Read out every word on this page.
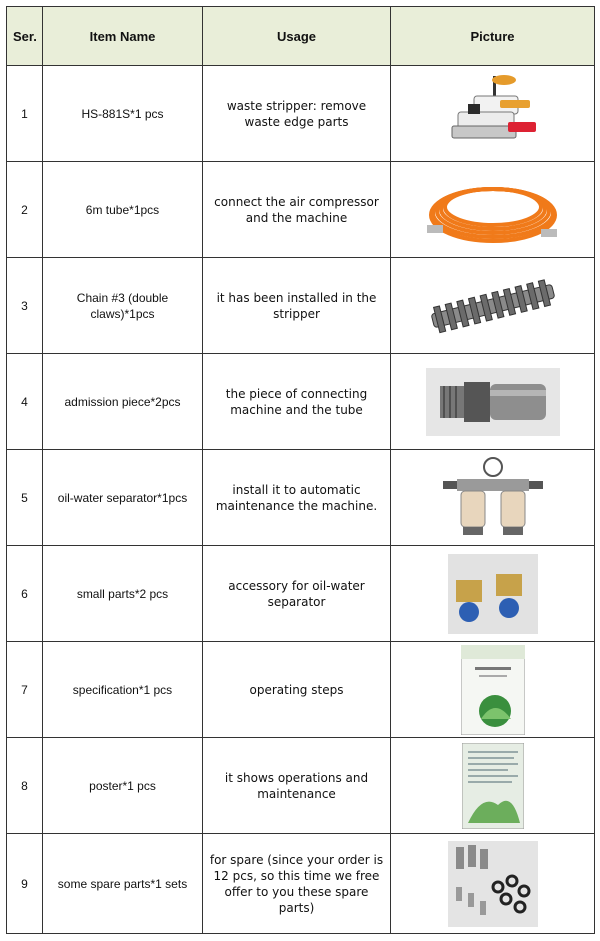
Ser.	Item Name	Usage	Picture
1	HS-881S*1 pcs	waste stripper: remove waste edge parts	

2	6m tube*1pcs	connect the air compressor and the machine	

3	Chain #3 (double claws)*1pcs	it has been installed in the stripper	

4	admission piece*2pcs	the piece of connecting machine and the tube	

5	oil-water separator*1pcs	install it to automatic maintenance the machine.	

6	small parts*2 pcs	accessory for oil-water separator	

7	specification*1 pcs	operating steps	

8	poster*1 pcs	it shows operations and maintenance	

9	some spare parts*1 sets	for spare (since your order is 12 pcs, so this time we free offer to you these spare parts)	
